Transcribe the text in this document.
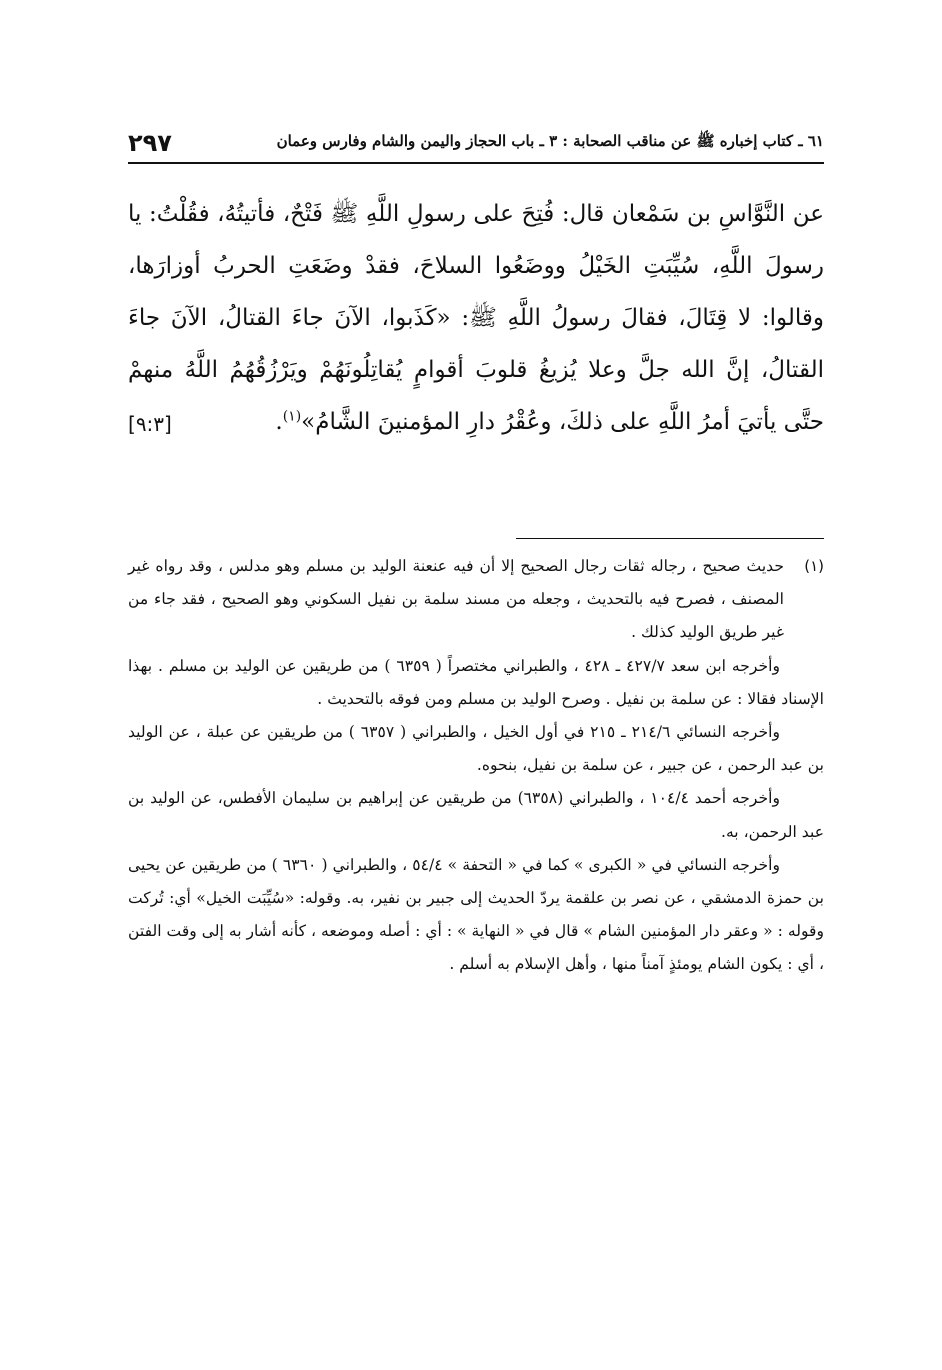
٦١ ـ كتاب إخباره ﷺ عن مناقب الصحابة : ٣ ـ باب الحجاز واليمن والشام وفارس وعمان
٢٩٧
عن النَّوَّاسِ بن سَمْعان قال: فُتِحَ على رسولِ اللَّهِ ﷺ فَتْحٌ، فأتيتُهُ، فقُلْتُ: يا رسولَ اللَّهِ، سُيِّبَتِ الخَيْلُ ووضَعُوا السلاحَ، فقدْ وضَعَتِ الحربُ أوزارَها، وقالوا: لا قِتَالَ، فقالَ رسولُ اللَّهِ ﷺ: «كَذَبوا، الآنَ جاءَ القتالُ، الآنَ جاءَ القتالُ، إنَّ الله جلَّ وعلا يُزيغُ قلوبَ أقوامٍ يُقاتِلُونَهُمْ ويَرْزُقُهُمُ اللَّهُ منهمْ حتَّى يأتيَ أمرُ اللَّهِ على ذلكَ، وعُقْرُ دارِ المؤمنينَ الشَّامُ»$^{(١)}$.
[٩:٣]
(١)

حديث صحيح ، رجاله ثقات رجال الصحيح إلا أن فيه عنعنة الوليد بن مسلم وهو مدلس ، وقد رواه غير المصنف ، فصرح فيه بالتحديث ، وجعله من مسند سلمة بن نفيل السكوني وهو الصحيح ، فقد جاء من غير طريق الوليد كذلك .

وأخرجه ابن سعد ٤٢٧/٧ ـ ٤٢٨ ، والطبراني مختصراً ( ٦٣٥٩ ) من طريقين عن الوليد بن مسلم . بهذا الإسناد فقالا : عن سلمة بن نفيل . وصرح الوليد بن مسلم ومن فوقه بالتحديث .

وأخرجه النسائي ٢١٤/٦ ـ ٢١٥ في أول الخيل ، والطبراني ( ٦٣٥٧ ) من طريقين عن عبلة ، عن الوليد بن عبد الرحمن ، عن جبير ، عن سلمة بن نفيل، بنحوه.

وأخرجه أحمد ١٠٤/٤ ، والطبراني (٦٣٥٨) من طريقين عن إبراهيم بن سليمان الأفطس، عن الوليد بن عبد الرحمن، به.

وأخرجه النسائي في « الكبرى » كما في « التحفة » ٥٤/٤ ، والطبراني ( ٦٣٦٠ ) من طريقين عن يحيى بن حمزة الدمشقي ، عن نصر بن علقمة يردّ الحديث إلى جبير بن نفير، به. وقوله: «سُيِّبَت الخيل» أي: تُركت وقوله : « وعقر دار المؤمنين الشام » قال في « النهاية » : أي : أصله وموضعه ، كأنه أشار به إلى وقت الفتن ، أي : يكون الشام يومئذٍ آمناً منها ، وأهل الإسلام به أسلم .
